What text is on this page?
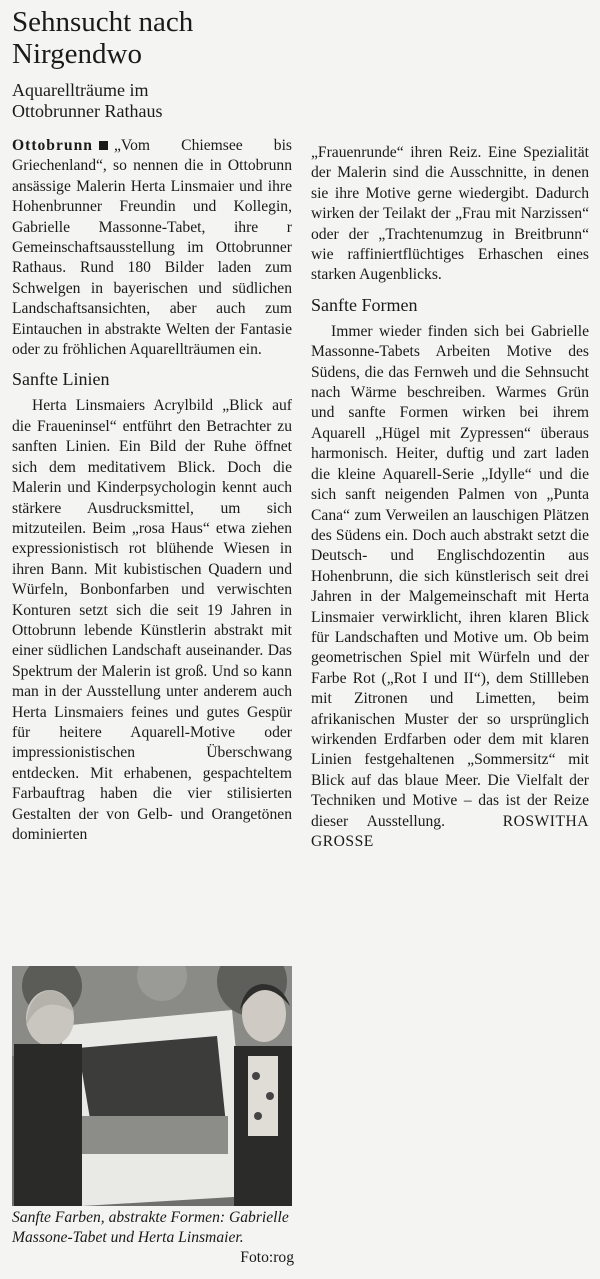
Sehnsucht nach
Nirgendwo
Aquarellträume im
Ottobrunner Rathaus

Ottobrunn „Vom Chiemsee bis Griechenland“, so nennen die in Ottobrunn ansässige Malerin Herta Linsmaier und ihre Hohenbrunner Freundin und Kollegin, Gabrielle Massonne-Tabet, ihre r Gemeinschaftsausstellung im Ottobrunner Rathaus. Rund 180 Bilder laden zum Schwelgen in bayerischen und südlichen Landschaftsansichten, aber auch zum Eintauchen in abstrakte Welten der Fantasie oder zu fröhlichen Aquarellträumen ein.

Sanfte Linien

Herta Linsmaiers Acrylbild „Blick auf die Fraueninsel“ entführt den Betrachter zu sanften Linien. Ein Bild der Ruhe öffnet sich dem meditativem Blick. Doch die Malerin und Kinderpsychologin kennt auch stärkere Ausdrucksmittel, um sich mitzuteilen. Beim „rosa Haus“ etwa ziehen expressionistisch rot blühende Wiesen in ihren Bann. Mit kubistischen Quadern und Würfeln, Bonbonfarben und verwischten Konturen setzt sich die seit 19 Jahren in Ottobrunn lebende Künstlerin abstrakt mit einer südlichen Landschaft auseinander. Das Spektrum der Malerin ist groß. Und so kann man in der Ausstellung unter anderem auch Herta Linsmaiers feines und gutes Gespür für heitere Aquarell-Motive oder impressionistischen Überschwang entdecken. Mit erhabenen, gespachteltem Farbauftrag haben die vier stilisierten Gestalten der von Gelb- und Orangetönen dominierten

Sanfte Farben, abstrakte Formen: Gabrielle Massone-Tabet und Herta Linsmaier.
Foto:rog

„Frauenrunde“ ihren Reiz. Eine Spezialität der Malerin sind die Ausschnitte, in denen sie ihre Motive gerne wiedergibt. Dadurch wirken der Teilakt der „Frau mit Narzissen“ oder der „Trachtenumzug in Breitbrunn“ wie raffiniertflüchtiges Erhaschen eines starken Augenblicks.

Sanfte Formen

Immer wieder finden sich bei Gabrielle Massonne-Tabets Arbeiten Motive des Südens, die das Fernweh und die Sehnsucht nach Wärme beschreiben. Warmes Grün und sanfte Formen wirken bei ihrem Aquarell „Hügel mit Zypressen“ überaus harmonisch. Heiter, duftig und zart laden die kleine Aquarell-Serie „Idylle“ und die sich sanft neigenden Palmen von „Punta Cana“ zum Verweilen an lauschigen Plätzen des Südens ein. Doch auch abstrakt setzt die Deutsch- und Englischdozentin aus Hohenbrunn, die sich künstlerisch seit drei Jahren in der Malgemeinschaft mit Herta Linsmaier verwirklicht, ihren klaren Blick für Landschaften und Motive um. Ob beim geometrischen Spiel mit Würfeln und der Farbe Rot („Rot I und II“), dem Stillleben mit Zitronen und Limetten, beim afrikanischen Muster der so ursprünglich wirkenden Erdfarben oder dem mit klaren Linien festgehaltenen „Sommersitz“ mit Blick auf das blaue Meer. Die Vielfalt der Techniken und Motive – das ist der Reize dieser Ausstellung.	ROSWITHA GROSSE
